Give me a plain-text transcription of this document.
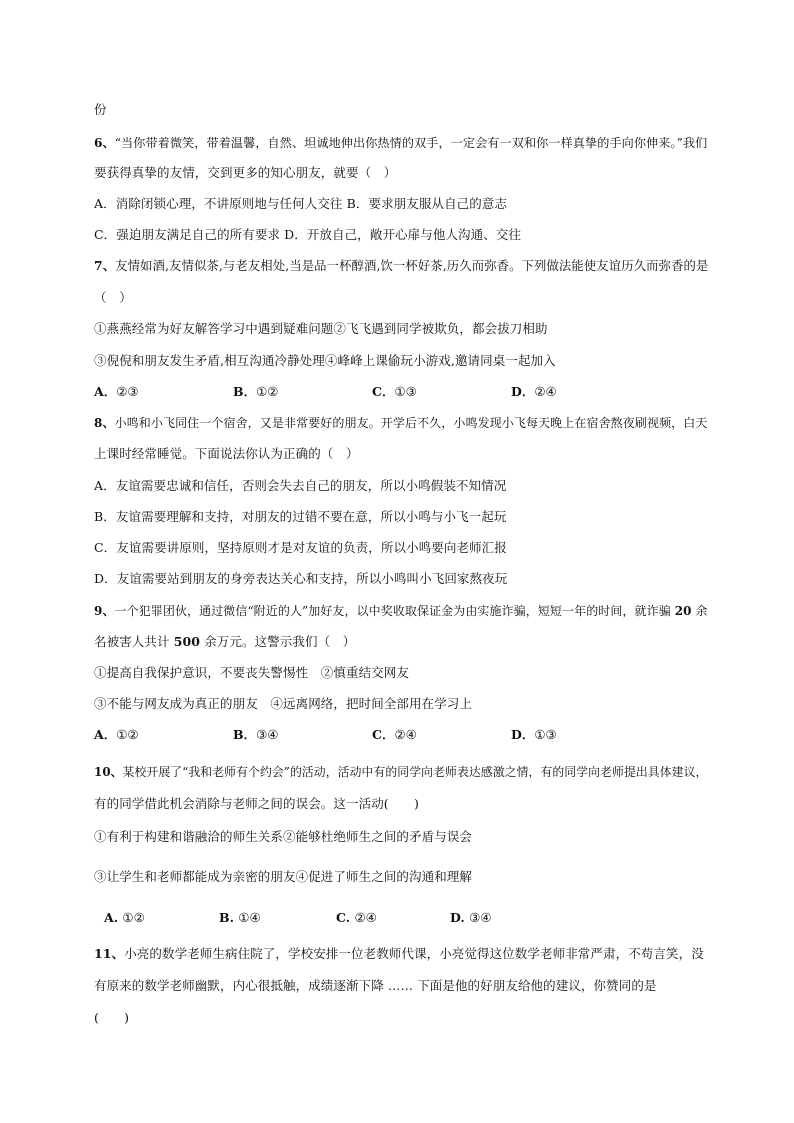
份
6、“当你带着微笑，带着温馨，自然、坦诚地伸出你热情的双手，一定会有一双和你一样真挚的手向你伸来。”我们
要获得真挚的友情，交到更多的知心朋友，就要（　）
A．消除闭锁心理，不讲原则地与任何人交往 B．要求朋友服从自己的意志
C．强迫朋友满足自己的所有要求 D．开放自己，敞开心扉与他人沟通、交往
7、友情如酒,友情似茶,与老友相处,当是品一杯醇酒,饮一杯好茶,历久而弥香。下列做法能使友谊历久而弥香的是
（　）
①燕燕经常为好友解答学习中遇到疑难问题②飞飞遇到同学被欺负，都会拔刀相助
③倪倪和朋友发生矛盾,相互沟通冷静处理④峰峰上课偷玩小游戏,邀请同桌一起加入
A．②③	B．①②	C．①③	D．②④
8、小鸣和小飞同住一个宿舍，又是非常要好的朋友。开学后不久，小鸣发现小飞每天晚上在宿舍熬夜刷视频，白天
上课时经常睡觉。下面说法你认为正确的（　）
A．友谊需要忠诚和信任，否则会失去自己的朋友，所以小鸣假装不知情况
B．友谊需要理解和支持，对朋友的过错不要在意，所以小鸣与小飞一起玩
C．友谊需要讲原则，坚持原则才是对友谊的负责，所以小鸣要向老师汇报
D．友谊需要站到朋友的身旁表达关心和支持，所以小鸣叫小飞回家熬夜玩
9、一个犯罪团伙，通过微信“附近的人”加好友，以中奖收取保证金为由实施诈骗，短短一年的时间，就诈骗 20 余
名被害人共计 500 余万元。这警示我们（　）
①提高自我保护意识，不要丧失警惕性　②慎重结交网友
③不能与网友成为真正的朋友　④远离网络，把时间全部用在学习上
A．①②	B．③④	C．②④	D．①③
10、某校开展了“我和老师有个约会”的活动，活动中有的同学向老师表达感激之情，有的同学向老师提出具体建议，
有的同学借此机会消除与老师之间的误会。这一活动(　　)
①有利于构建和谐融洽的师生关系②能够杜绝师生之间的矛盾与误会
③让学生和老师都能成为亲密的朋友④促进了师生之间的沟通和理解
A. ①②	B. ①④	C. ②④	D. ③④
11、小亮的数学老师生病住院了，学校安排一位老教师代课，小亮觉得这位数学老师非常严肃，不苟言笑，没
有原来的数学老师幽默，内心很抵触，成绩逐渐下降 …… 下面是他的好朋友给他的建议，你赞同的是
(　　)
